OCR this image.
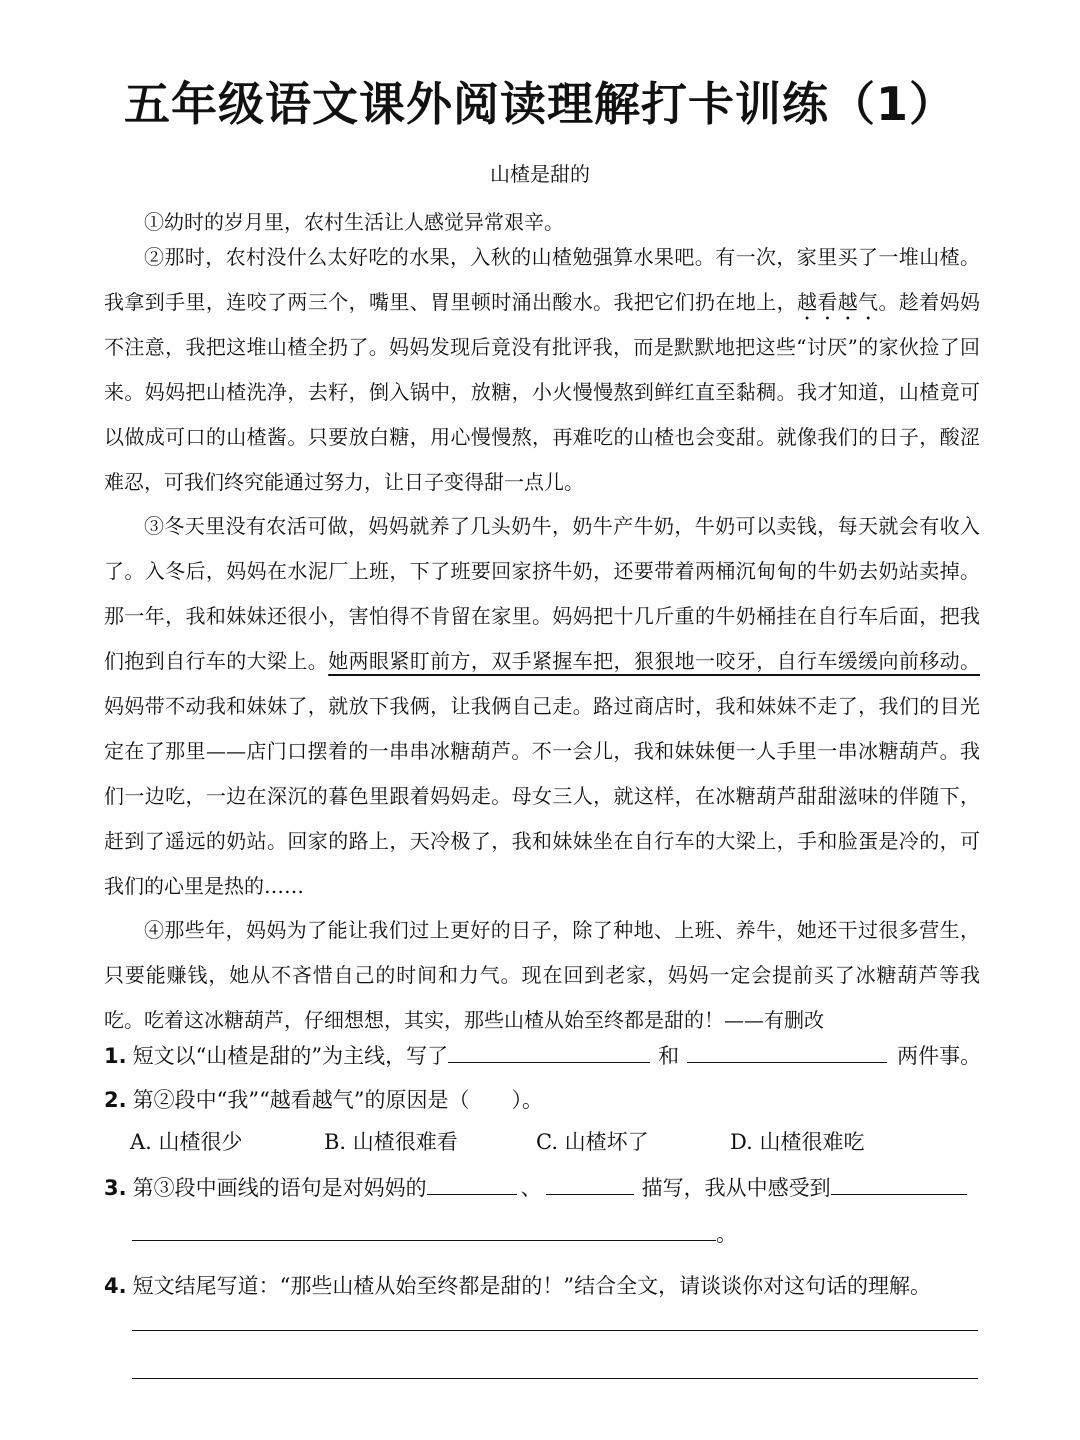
五年级语文课外阅读理解打卡训练（1）
山楂是甜的

①幼时的岁月里，农村生活让人感觉异常艰辛。

②那时，农村没什么太好吃的水果，入秋的山楂勉强算水果吧。有一次，家里买了一堆山楂。我拿到手里，连咬了两三个，嘴里、胃里顿时涌出酸水。我把它们扔在地上，越看越气。趁着妈妈不注意，我把这堆山楂全扔了。妈妈发现后竟没有批评我，而是默默地把这些“讨厌”的家伙捡了回来。妈妈把山楂洗净，去籽，倒入锅中，放糖，小火慢慢熬到鲜红直至黏稠。我才知道，山楂竟可以做成可口的山楂酱。只要放白糖，用心慢慢熬，再难吃的山楂也会变甜。就像我们的日子，酸涩难忍，可我们终究能通过努力，让日子变得甜一点儿。

③冬天里没有农活可做，妈妈就养了几头奶牛，奶牛产牛奶，牛奶可以卖钱，每天就会有收入了。入冬后，妈妈在水泥厂上班，下了班要回家挤牛奶，还要带着两桶沉甸甸的牛奶去奶站卖掉。那一年，我和妹妹还很小，害怕得不肯留在家里。妈妈把十几斤重的牛奶桶挂在自行车后面，把我们抱到自行车的大梁上。她两眼紧盯前方，双手紧握车把，狠狠地一咬牙，自行车缓缓向前移动。妈妈带不动我和妹妹了，就放下我俩，让我俩自己走。路过商店时，我和妹妹不走了，我们的目光定在了那里——店门口摆着的一串串冰糖葫芦。不一会儿，我和妹妹便一人手里一串冰糖葫芦。我们一边吃，一边在深沉的暮色里跟着妈妈走。母女三人，就这样，在冰糖葫芦甜甜滋味的伴随下，赶到了遥远的奶站。回家的路上，天冷极了，我和妹妹坐在自行车的大梁上，手和脸蛋是冷的，可我们的心里是热的……

④那些年，妈妈为了能让我们过上更好的日子，除了种地、上班、养牛，她还干过很多营生，只要能赚钱，她从不吝惜自己的时间和力气。现在回到老家，妈妈一定会提前买了冰糖葫芦等我吃。吃着这冰糖葫芦，仔细想想，其实，那些山楂从始至终都是甜的！——有删改

1. 短文以“山楂是甜的”为主线，写了	和	两件事。
2. 第②段中“我”“越看越气”的原因是（　　）。
A. 山楂很少	B. 山楂很难看	C. 山楂坏了	D. 山楂很难吃
3. 第③段中画线的语句是对妈妈的	、	描写，我从中感受到
。
4. 短文结尾写道：“那些山楂从始至终都是甜的！”结合全文，请谈谈你对这句话的理解。
